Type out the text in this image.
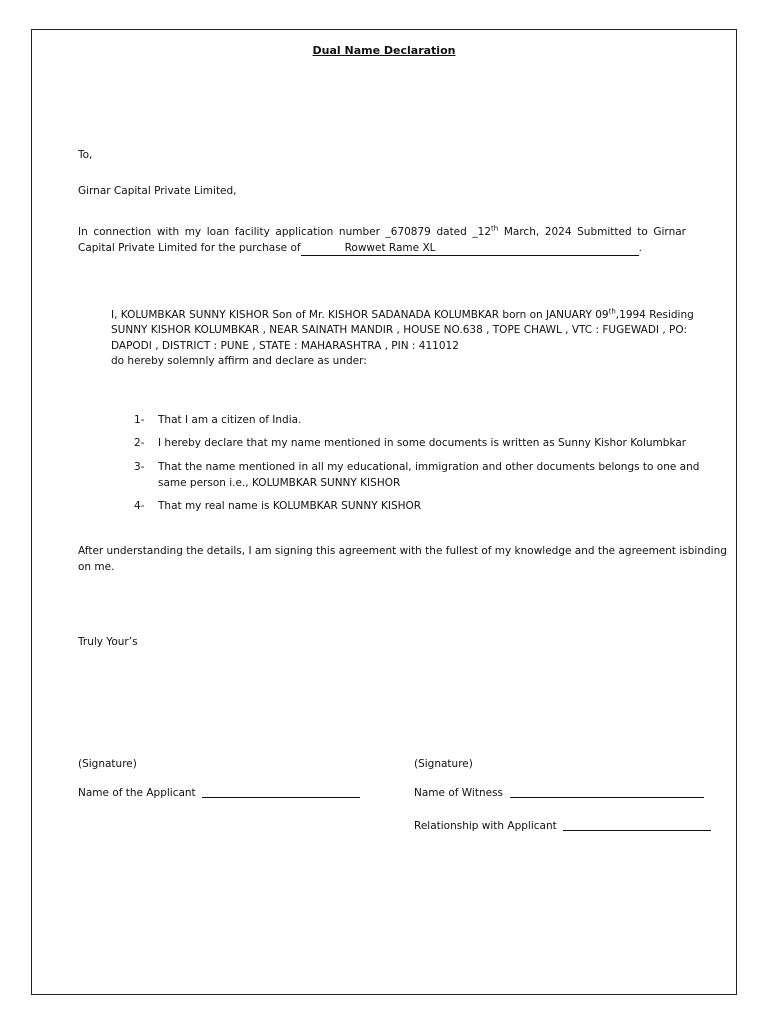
Dual Name Declaration
To,
Girnar Capital Private Limited,
In connection with my loan facility application number _670879 dated _12th March, 2024 Submitted to Girnar Capital Private Limited for the purchase of	Rowwet Rame XL	.
I, KOLUMBKAR SUNNY KISHOR Son of Mr. KISHOR SADANADA KOLUMBKAR born on JANUARY 09th,1994 Residing
SUNNY KISHOR KOLUMBKAR , NEAR SAINATH MANDIR , HOUSE NO.638 , TOPE CHAWL , VTC : FUGEWADI , PO:
DAPODI , DISTRICT : PUNE , STATE : MAHARASHTRA , PIN : 411012
do hereby solemnly affirm and declare as under:
1- That I am a citizen of India.
2- I hereby declare that my name mentioned in some documents is written as Sunny Kishor Kolumbkar
3- That the name mentioned in all my educational, immigration and other documents belongs to one and same person i.e., KOLUMBKAR SUNNY KISHOR
4- That my real name is KOLUMBKAR SUNNY KISHOR
After understanding the details, I am signing this agreement with the fullest of my knowledge and the agreement isbinding on me.
Truly Your’s
(Signature)
Name of the Applicant
(Signature)
Name of Witness
Relationship with Applicant
